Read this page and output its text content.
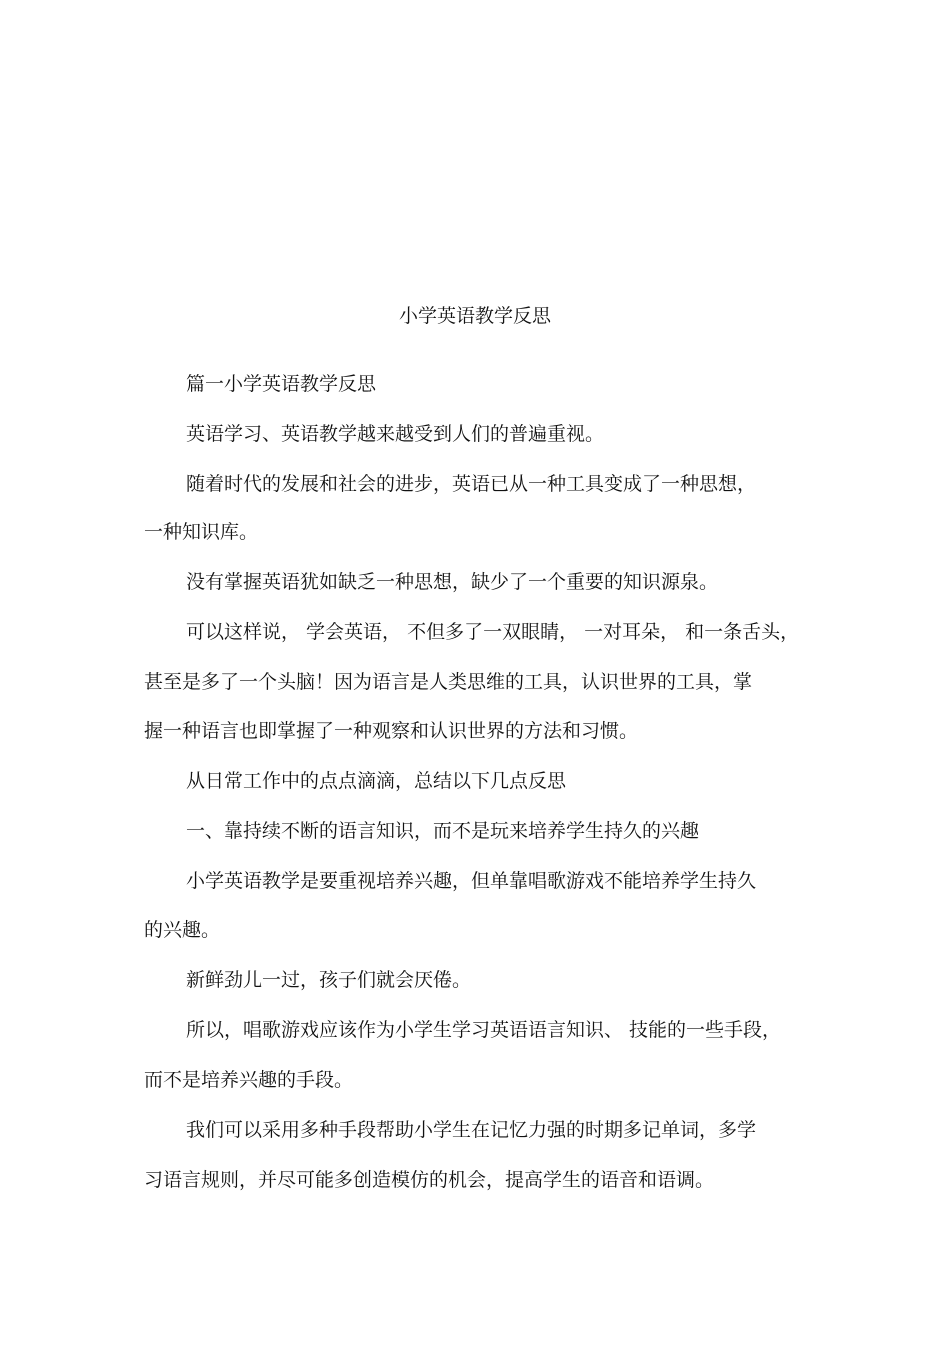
小学英语教学反思
篇一小学英语教学反思
英语学习、英语教学越来越受到人们的普遍重视。
随着时代的发展和社会的进步，英语已从一种工具变成了一种思想，
一种知识库。
没有掌握英语犹如缺乏一种思想，缺少了一个重要的知识源泉。
可以这样说， 学会英语， 不但多了一双眼睛， 一对耳朵， 和一条舌头，
甚至是多了一个头脑！因为语言是人类思维的工具，认识世界的工具，掌
握一种语言也即掌握了一种观察和认识世界的方法和习惯。
从日常工作中的点点滴滴，总结以下几点反思
一、靠持续不断的语言知识，而不是玩来培养学生持久的兴趣
小学英语教学是要重视培养兴趣，但单靠唱歌游戏不能培养学生持久
的兴趣。
新鲜劲儿一过，孩子们就会厌倦。
所以，唱歌游戏应该作为小学生学习英语语言知识、 技能的一些手段，
而不是培养兴趣的手段。
我们可以采用多种手段帮助小学生在记忆力强的时期多记单词，多学
习语言规则，并尽可能多创造模仿的机会，提高学生的语音和语调。
